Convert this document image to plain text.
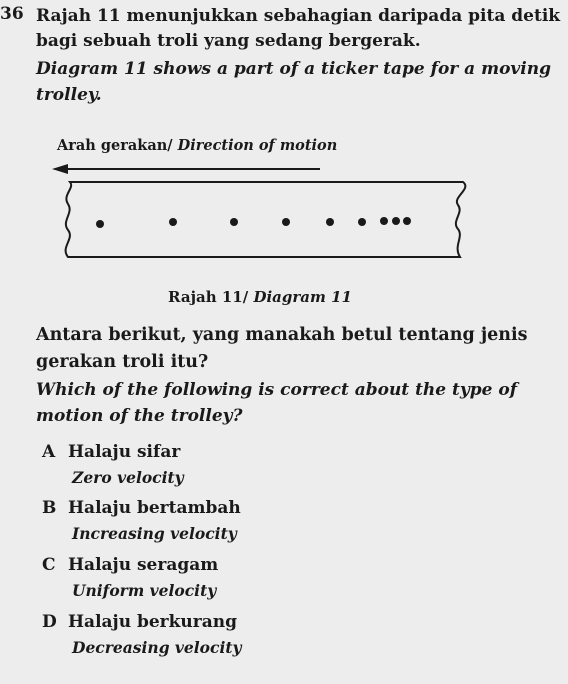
36 Rajah 11 menunjukkan sebahagian daripada pita detik bagi sebuah troli yang sedang bergerak.
Diagram 11 shows a part of a ticker tape for a moving trolley.
Arah gerakan/ Direction of motion
Rajah 11/ Diagram 11
Antara berikut, yang manakah betul tentang jenis gerakan troli itu?
Which of the following is correct about the type of motion of the trolley?
A Halaju sifar
Zero velocity
B Halaju bertambah
Increasing velocity
C Halaju seragam
Uniform velocity
D Halaju berkurang
Decreasing velocity
